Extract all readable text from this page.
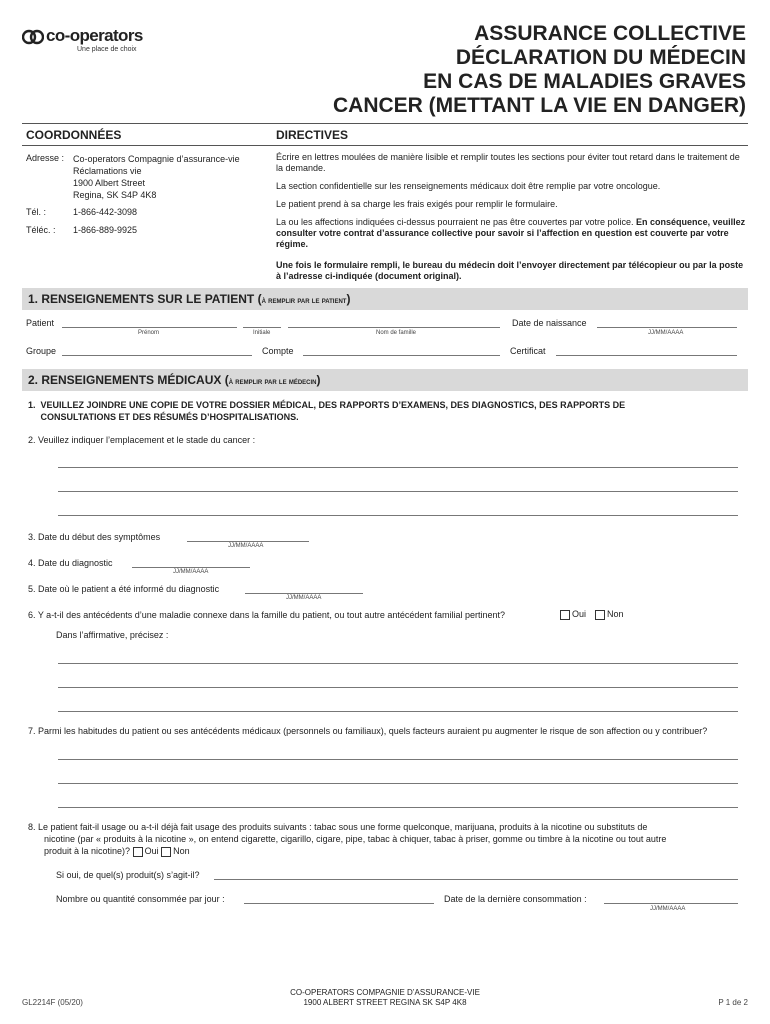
co-operators
Une place de choix
ASSURANCE COLLECTIVE
DÉCLARATION DU MÉDECIN
EN CAS DE MALADIES GRAVES
CANCER (METTANT LA VIE EN DANGER)
COORDONNÉES	DIRECTIVES
Adresse : Co-operators Compagnie d’assurance-vie
Réclamations vie
1900 Albert Street
Regina, SK S4P 4K8
Tél. :	1-866-442-3098
Téléc. : 1-866-889-9925
Écrire en lettres moulées de manière lisible et remplir toutes les sections pour éviter tout retard dans le traitement de la demande.
La section confidentielle sur les renseignements médicaux doit être remplie par votre oncologue.
Le patient prend à sa charge les frais exigés pour remplir le formulaire.
La ou les affections indiquées ci-dessus pourraient ne pas être couvertes par votre police. En conséquence, veuillez consulter votre contrat d’assurance collective pour savoir si l’affection en question est couverte par votre régime.
Une fois le formulaire rempli, le bureau du médecin doit l’envoyer directement par télécopieur ou par la poste à l’adresse ci-indiquée (document original).
1. RENSEIGNEMENTS SUR LE PATIENT (à remplir par le patient)
Patient
Prénom	Initiale	Nom de famille
Date de naissance
JJ/MM/AAAA
Groupe	Compte	Certificat
2. RENSEIGNEMENTS MÉDICAUX (à remplir par le médecin)
1.  VEUILLEZ JOINDRE UNE COPIE DE VOTRE DOSSIER MÉDICAL, DES RAPPORTS D’EXAMENS, DES DIAGNOSTICS, DES RAPPORTS DE
CONSULTATIONS ET DES RÉSUMÉS D’HOSPITALISATIONS.
2. Veuillez indiquer l’emplacement et le stade du cancer :
3. Date du début des symptômes
JJ/MM/AAAA
4. Date du diagnostic
JJ/MM/AAAA
5. Date où le patient a été informé du diagnostic
JJ/MM/AAAA
6. Y a-t-il des antécédents d’une maladie connexe dans la famille du patient, ou tout autre antécédent familial pertinent?	Oui	Non
Dans l’affirmative, précisez :
7. Parmi les habitudes du patient ou ses antécédents médicaux (personnels ou familiaux), quels facteurs auraient pu augmenter le risque de son affection ou y contribuer?
8. Le patient fait-il usage ou a-t-il déjà fait usage des produits suivants : tabac sous une forme quelconque, marijuana, produits à la nicotine ou substituts de
nicotine (par « produits à la nicotine », on entend cigarette, cigarillo, cigare, pipe, tabac à chiquer, tabac à priser, gomme ou timbre à la nicotine ou tout autre
produit à la nicotine)? Oui Non
Si oui, de quel(s) produit(s) s’agit-il?
Nombre ou quantité consommée par jour :	Date de la dernière consommation :
JJ/MM/AAAA
GL2214F (05/20)
CO-OPERATORS COMPAGNIE D’ASSURANCE-VIE
1900 ALBERT STREET REGINA SK S4P 4K8	P 1 de 2
